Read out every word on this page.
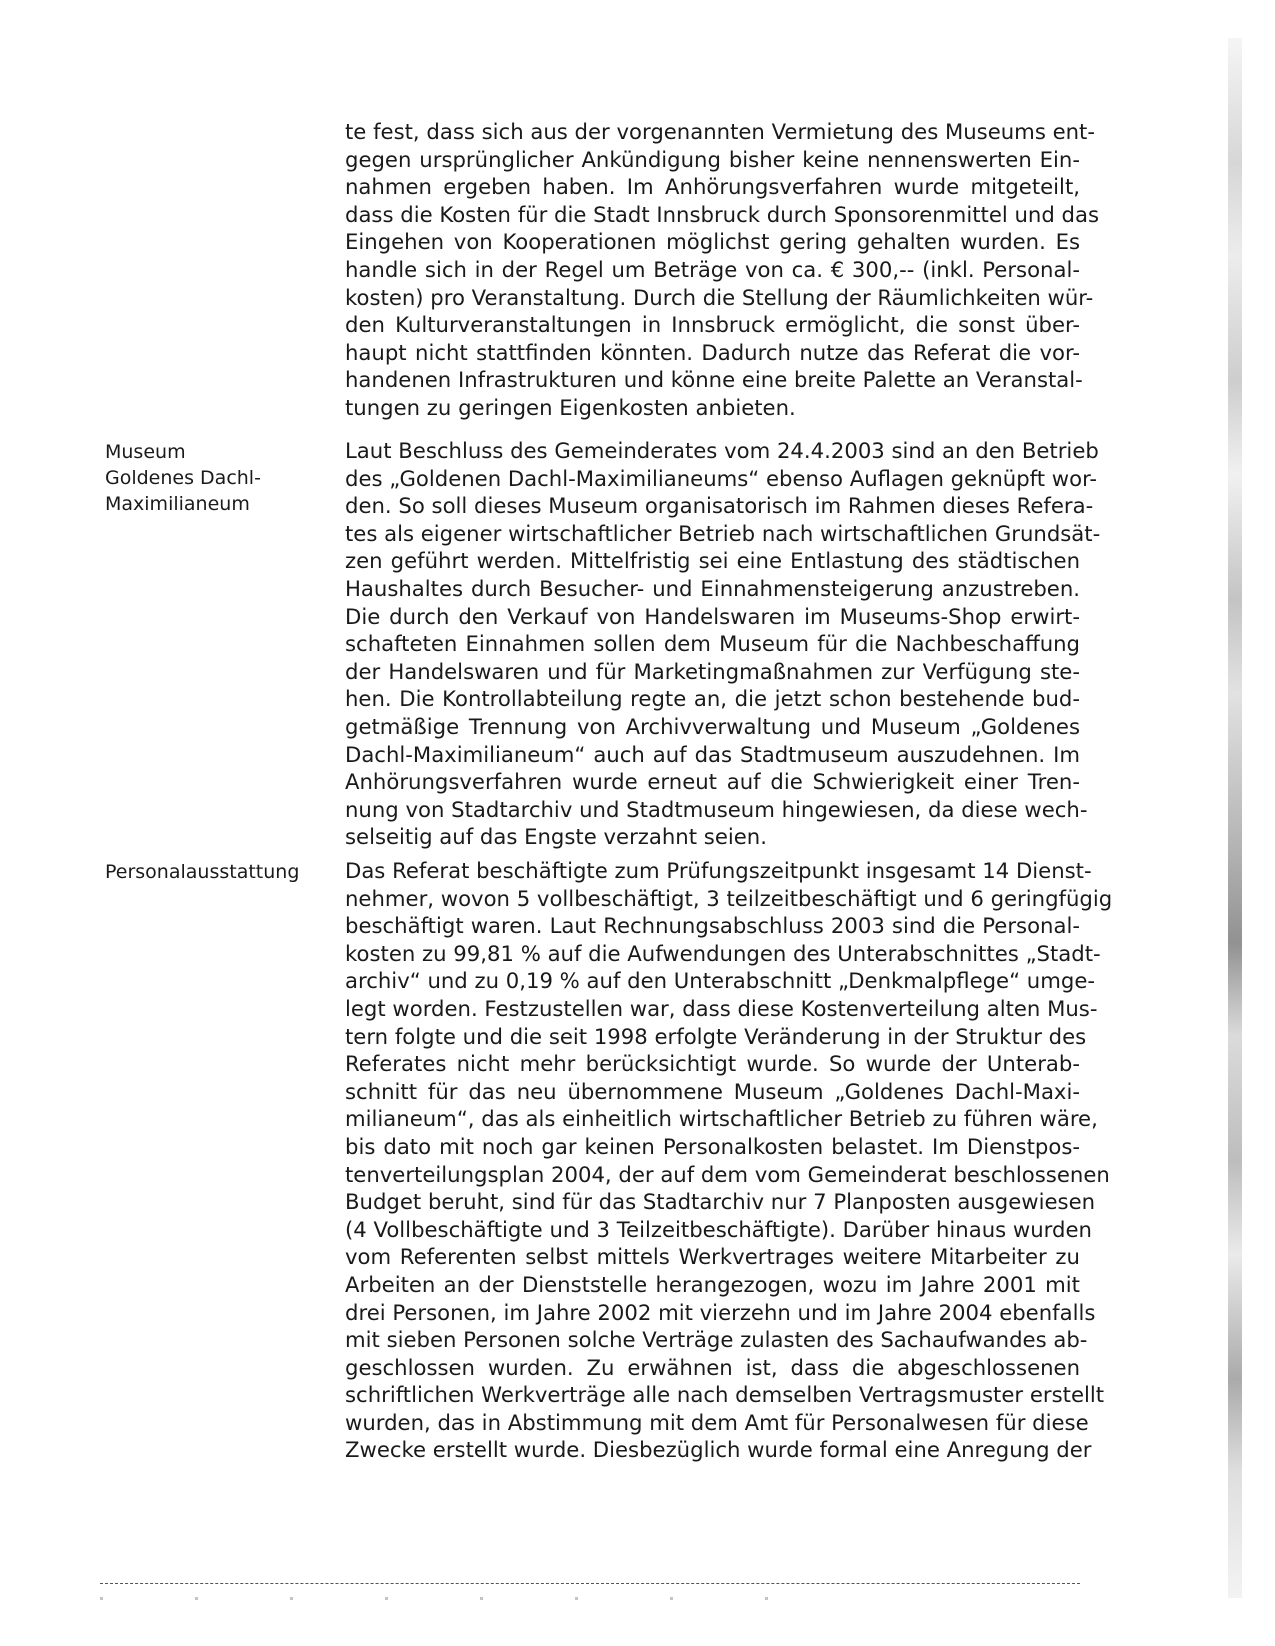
te fest, dass sich aus der vorgenannten Vermietung des Museums ent-
gegen ursprünglicher Ankündigung bisher keine nennenswerten Ein-
nahmen ergeben haben. Im Anhörungsverfahren wurde mitgeteilt,
dass die Kosten für die Stadt Innsbruck durch Sponsorenmittel und das
Eingehen von Kooperationen möglichst gering gehalten wurden. Es
handle sich in der Regel um Beträge von ca. € 300,-- (inkl. Personal-
kosten) pro Veranstaltung. Durch die Stellung der Räumlichkeiten wür-
den Kulturveranstaltungen in Innsbruck ermöglicht, die sonst über-
haupt nicht stattfinden könnten. Dadurch nutze das Referat die vor-
handenen Infrastrukturen und könne eine breite Palette an Veranstal-
tungen zu geringen Eigenkosten anbieten.
Museum
Goldenes Dachl-
Maximilianeum
Laut Beschluss des Gemeinderates vom 24.4.2003 sind an den Betrieb
des „Goldenen Dachl-Maximilianeums“ ebenso Auflagen geknüpft wor-
den. So soll dieses Museum organisatorisch im Rahmen dieses Refera-
tes als eigener wirtschaftlicher Betrieb nach wirtschaftlichen Grundsät-
zen geführt werden. Mittelfristig sei eine Entlastung des städtischen
Haushaltes durch Besucher- und Einnahmensteigerung anzustreben.
Die durch den Verkauf von Handelswaren im Museums-Shop erwirt-
schafteten Einnahmen sollen dem Museum für die Nachbeschaffung
der Handelswaren und für Marketingmaßnahmen zur Verfügung ste-
hen. Die Kontrollabteilung regte an, die jetzt schon bestehende bud-
getmäßige Trennung von Archivverwaltung und Museum „Goldenes
Dachl-Maximilianeum“ auch auf das Stadtmuseum auszudehnen. Im
Anhörungsverfahren wurde erneut auf die Schwierigkeit einer Tren-
nung von Stadtarchiv und Stadtmuseum hingewiesen, da diese wech-
selseitig auf das Engste verzahnt seien.
Personalausstattung Das Referat beschäftigte zum Prüfungszeitpunkt insgesamt 14 Dienst-
nehmer, wovon 5 vollbeschäftigt, 3 teilzeitbeschäftigt und 6 geringfügig
beschäftigt waren. Laut Rechnungsabschluss 2003 sind die Personal-
kosten zu 99,81 % auf die Aufwendungen des Unterabschnittes „Stadt-
archiv“ und zu 0,19 % auf den Unterabschnitt „Denkmalpflege“ umge-
legt worden. Festzustellen war, dass diese Kostenverteilung alten Mus-
tern folgte und die seit 1998 erfolgte Veränderung in der Struktur des
Referates nicht mehr berücksichtigt wurde. So wurde der Unterab-
schnitt für das neu übernommene Museum „Goldenes Dachl-Maxi-
milianeum“, das als einheitlich wirtschaftlicher Betrieb zu führen wäre,
bis dato mit noch gar keinen Personalkosten belastet. Im Dienstpos-
tenverteilungsplan 2004, der auf dem vom Gemeinderat beschlossenen
Budget beruht, sind für das Stadtarchiv nur 7 Planposten ausgewiesen
(4 Vollbeschäftigte und 3 Teilzeitbeschäftigte). Darüber hinaus wurden
vom Referenten selbst mittels Werkvertrages weitere Mitarbeiter zu
Arbeiten an der Dienststelle herangezogen, wozu im Jahre 2001 mit
drei Personen, im Jahre 2002 mit vierzehn und im Jahre 2004 ebenfalls
mit sieben Personen solche Verträge zulasten des Sachaufwandes ab-
geschlossen wurden. Zu erwähnen ist, dass die abgeschlossenen
schriftlichen Werkverträge alle nach demselben Vertragsmuster erstellt
wurden, das in Abstimmung mit dem Amt für Personalwesen für diese
Zwecke erstellt wurde. Diesbezüglich wurde formal eine Anregung der
